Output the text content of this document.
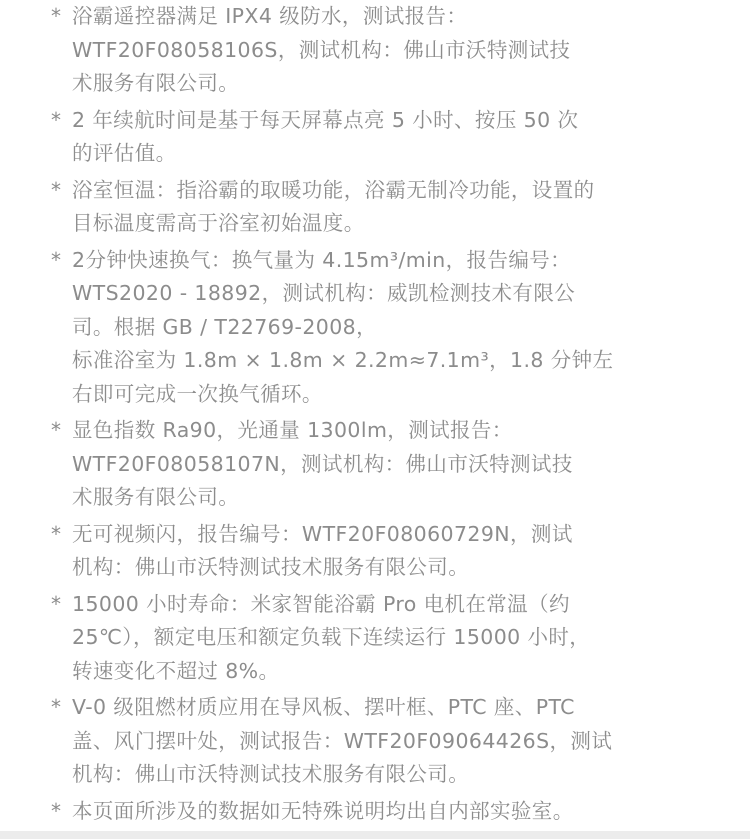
* 浴霸遥控器满足 IPX4 级防水，测试报告：
WTF20F08058106S，测试机构：佛山市沃特测试技
术服务有限公司。
* 2 年续航时间是基于每天屏幕点亮 5 小时、按压 50 次
的评估值。
* 浴室恒温：指浴霸的取暖功能，浴霸无制冷功能，设置的
目标温度需高于浴室初始温度。
* 2分钟快速换气：换气量为 4.15m³/min，报告编号：
WTS2020 - 18892，测试机构：威凯检测技术有限公
司。根据 GB / T22769-2008，
标准浴室为 1.8m × 1.8m × 2.2m≈7.1m³，1.8 分钟左
右即可完成一次换气循环。
* 显色指数 Ra90，光通量 1300lm，测试报告：
WTF20F08058107N，测试机构：佛山市沃特测试技
术服务有限公司。
* 无可视频闪，报告编号：WTF20F08060729N，测试
机构：佛山市沃特测试技术服务有限公司。
* 15000 小时寿命：米家智能浴霸 Pro 电机在常温（约
25℃），额定电压和额定负载下连续运行 15000 小时，
转速变化不超过 8%。
* V-0 级阻燃材质应用在导风板、摆叶框、PTC 座、PTC
盖、风门摆叶处，测试报告：WTF20F09064426S，测试
机构：佛山市沃特测试技术服务有限公司。
* 本页面所涉及的数据如无特殊说明均出自内部实验室。
